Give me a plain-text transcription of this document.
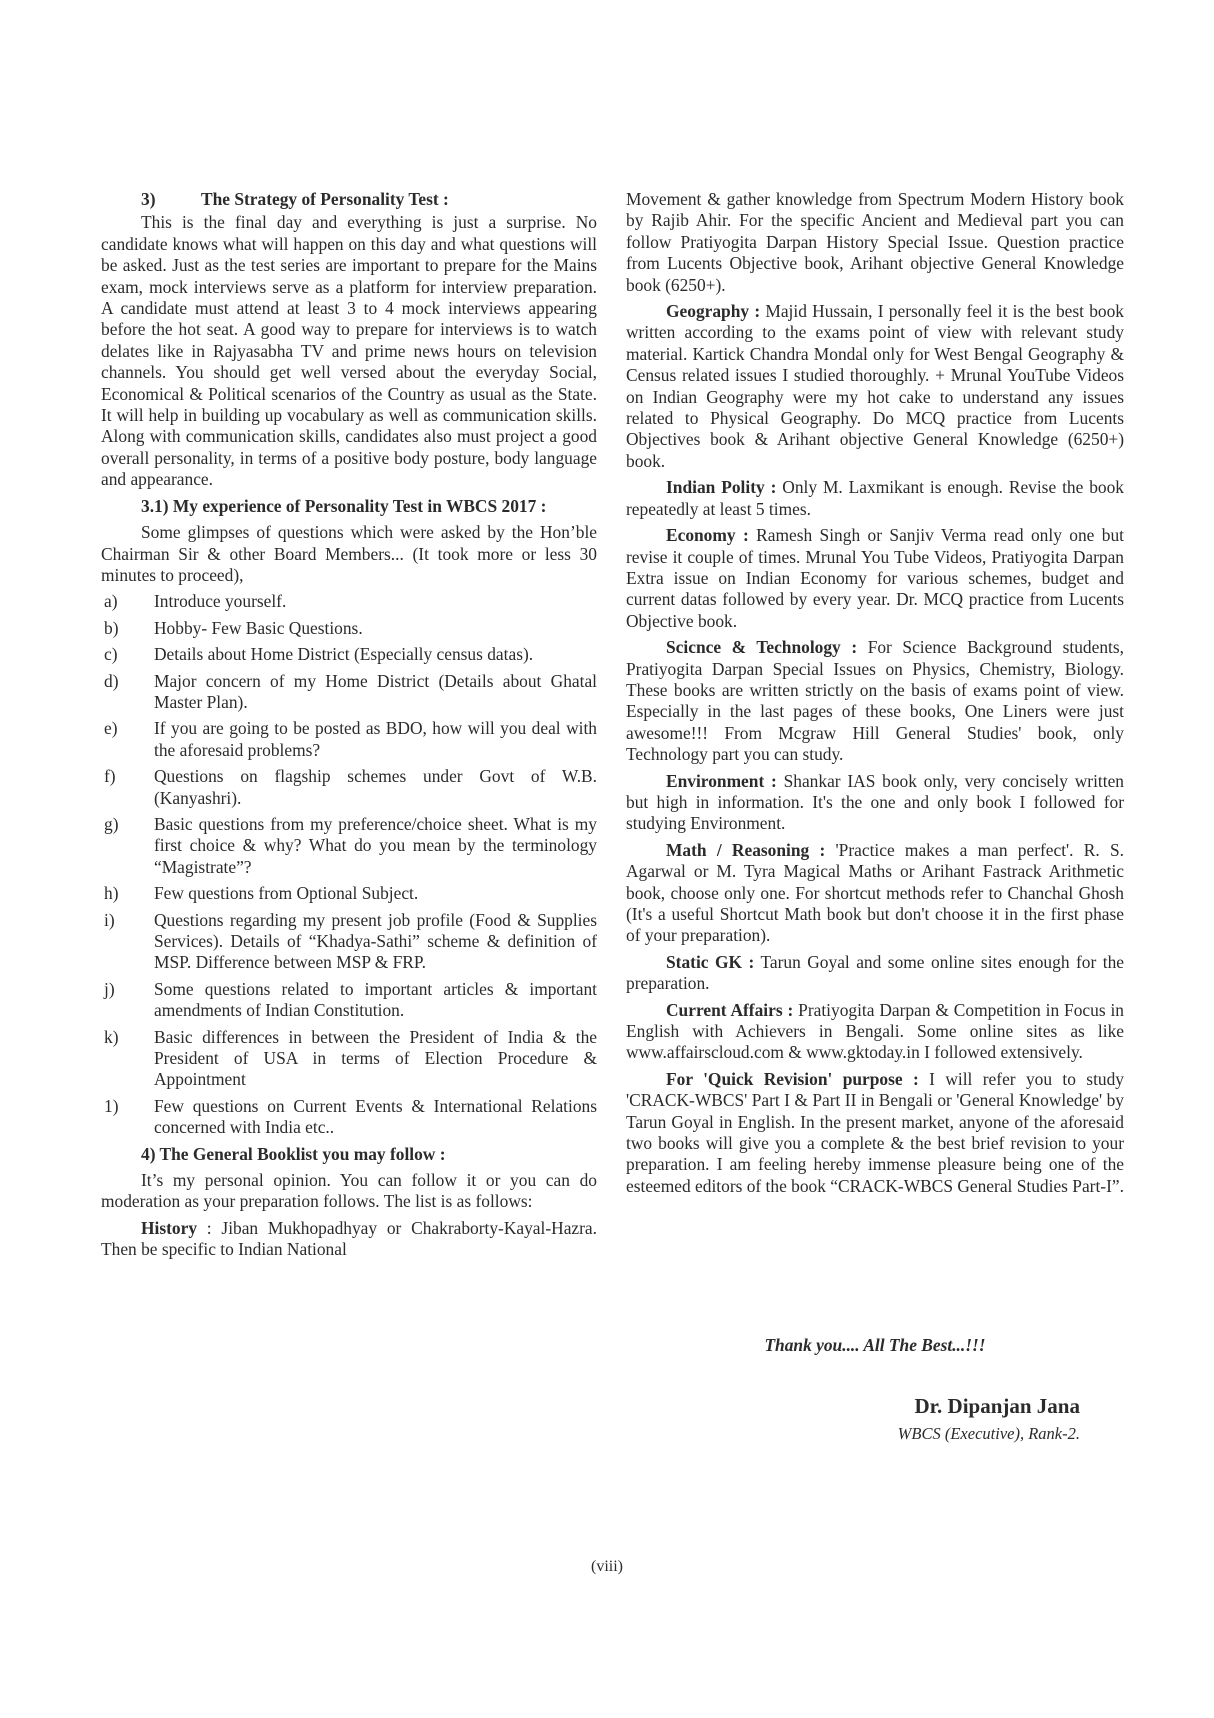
3)	The Strategy of Personality Test :

This is the final day and everything is just a surprise. No candidate knows what will happen on this day and what questions will be asked. Just as the test series are important to prepare for the Mains exam, mock interviews serve as a platform for interview preparation. A candidate must attend at least 3 to 4 mock interviews appearing before the hot seat. A good way to prepare for interviews is to watch delates like in Rajyasabha TV and prime news hours on television channels. You should get well versed about the everyday Social, Economical & Political scenarios of the Country as usual as the State. It will help in building up vocabulary as well as communication skills. Along with communication skills, candidates also must project a good overall personality, in terms of a positive body posture, body language and appearance.

3.1) My experience of Personality Test in WBCS 2017 :

Some glimpses of questions which were asked by the Hon’ble Chairman Sir & other Board Members... (It took more or less 30 minutes to proceed),

a)	Introduce yourself.
b)	Hobby- Few Basic Questions.
c)	Details about Home District (Especially census datas).
d)	Major concern of my Home District (Details about Ghatal Master Plan).
e)	If you are going to be posted as BDO, how will you deal with the aforesaid problems?
f)	Questions on flagship schemes under Govt of W.B. (Kanyashri).
g)	Basic questions from my preference/choice sheet. What is my first choice & why? What do you mean by the terminology “Magistrate”?
h)	Few questions from Optional Subject.
i)	Questions regarding my present job profile (Food & Supplies Services). Details of “Khadya-Sathi” scheme & definition of MSP. Difference between MSP & FRP.
j)	Some questions related to important articles & important amendments of Indian Constitution.
k)	Basic differences in between the President of India & the President of USA in terms of Election Procedure & Appointment
1)	Few questions on Current Events & International Relations concerned with India etc..

4) The General Booklist you may follow :

It’s my personal opinion. You can follow it or you can do moderation as your preparation follows. The list is as follows:

History : Jiban Mukhopadhyay or Chakraborty-Kayal-Hazra. Then be specific to Indian National

Movement & gather knowledge from Spectrum Modern History book by Rajib Ahir. For the specific Ancient and Medieval part you can follow Pratiyogita Darpan History Special Issue. Question practice from Lucents Objective book, Arihant objective General Knowledge book (6250+).

Geography : Majid Hussain, I personally feel it is the best book written according to the exams point of view with relevant study material. Kartick Chandra Mondal only for West Bengal Geography & Census related issues I studied thoroughly. + Mrunal YouTube Videos on Indian Geography were my hot cake to understand any issues related to Physical Geography. Do MCQ practice from Lucents Objectives book & Arihant objective General Knowledge (6250+) book.

Indian Polity : Only M. Laxmikant is enough. Revise the book repeatedly at least 5 times.

Economy : Ramesh Singh or Sanjiv Verma read only one but revise it couple of times. Mrunal You Tube Videos, Pratiyogita Darpan Extra issue on Indian Economy for various schemes, budget and current datas followed by every year. Dr. MCQ practice from Lucents Objective book.

Scicnce & Technology : For Science Background students, Pratiyogita Darpan Special Issues on Physics, Chemistry, Biology. These books are written strictly on the basis of exams point of view. Especially in the last pages of these books, One Liners were just awesome!!! From Mcgraw Hill General Studies' book, only Technology part you can study.

Environment : Shankar IAS book only, very concisely written but high in information. It's the one and only book I followed for studying Environment.

Math / Reasoning : 'Practice makes a man perfect'. R. S. Agarwal or M. Tyra Magical Maths or Arihant Fastrack Arithmetic book, choose only one. For shortcut methods refer to Chanchal Ghosh (It's a useful Shortcut Math book but don't choose it in the first phase of your preparation).

Static GK : Tarun Goyal and some online sites enough for the preparation.

Current Affairs : Pratiyogita Darpan & Competition in Focus in English with Achievers in Bengali. Some online sites as like www.affairscloud.com & www.gktoday.in I followed extensively.

For 'Quick Revision' purpose : I will refer you to study 'CRACK-WBCS' Part I & Part II in Bengali or 'General Knowledge' by Tarun Goyal in English. In the present market, anyone of the aforesaid two books will give you a complete & the best brief revision to your preparation. I am feeling hereby immense pleasure being one of the esteemed editors of the book “CRACK-WBCS General Studies Part-I”.

Thank you.... All The Best...!!!
Dr. Dipanjan Jana
WBCS (Executive), Rank-2.
(viii)
